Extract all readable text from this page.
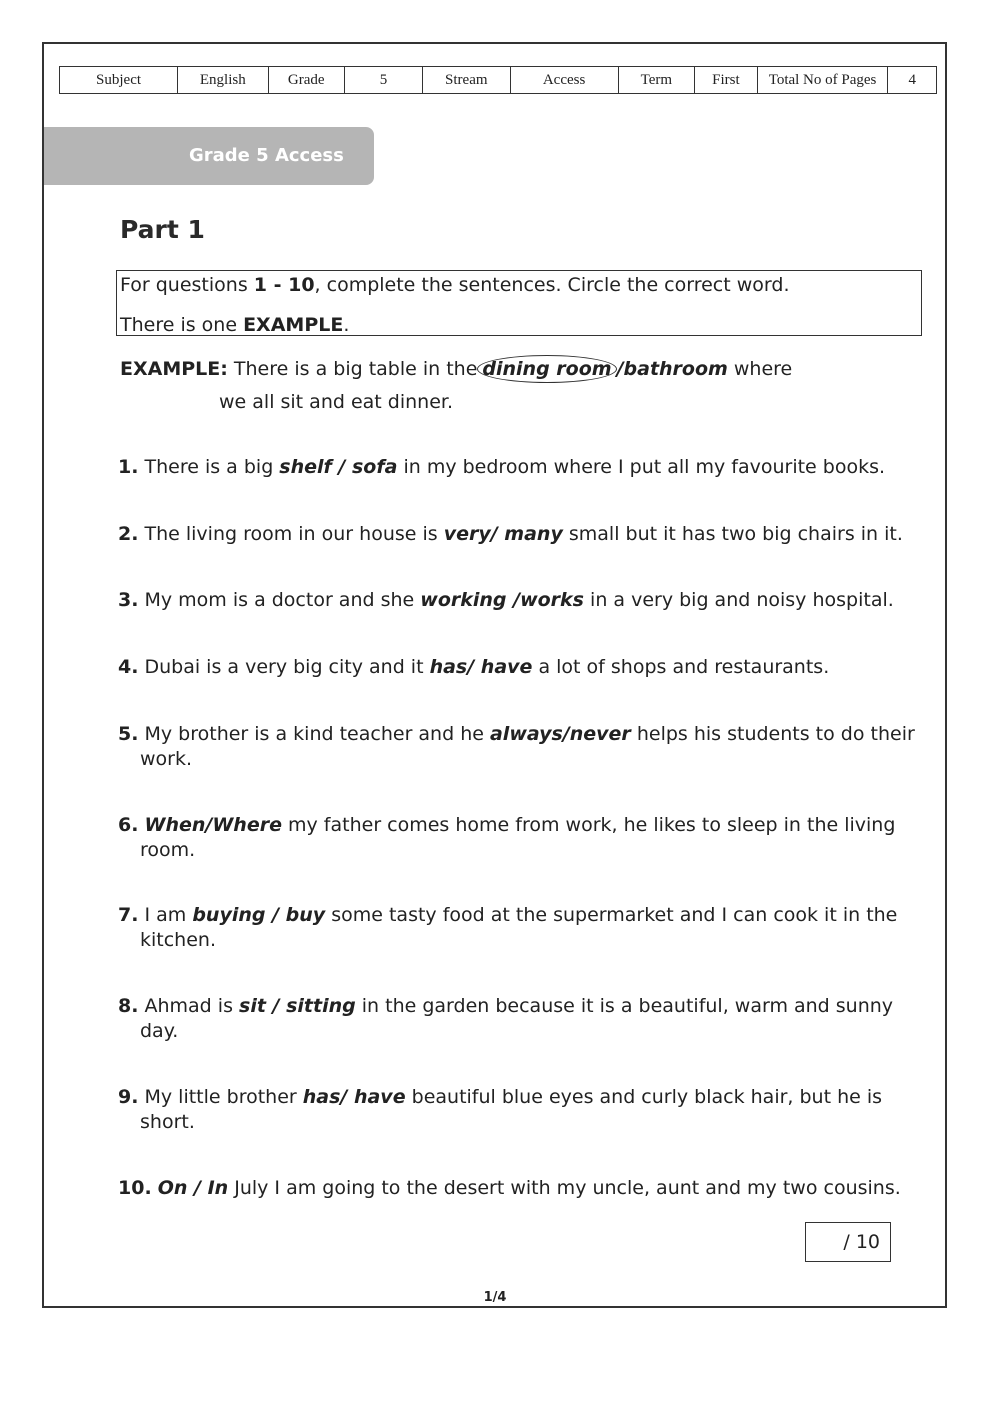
Subject	English	Grade	5	Stream	Access	Term	First	Total No of Pages	4
Grade 5 Access
Part 1
For questions 1 - 10, complete the sentences. Circle the correct word.
There is one EXAMPLE.
EXAMPLE: There is a big table in the dining room /bathroom where
we all sit and eat dinner.
1. There is a big shelf / sofa in my bedroom where I put all my favourite books.
2. The living room in our house is very/ many small but it has two big chairs in it.
3. My mom is a doctor and she working /works in a very big and noisy hospital.
4. Dubai is a very big city and it has/ have a lot of shops and restaurants.
5. My brother is a kind teacher and he always/never helps his students to do their work.
6. When/Where my father comes home from work, he likes to sleep in the living room.
7. I am buying / buy some tasty food at the supermarket and I can cook it in the kitchen.
8. Ahmad is sit / sitting in the garden because it is a beautiful, warm and sunny day.
9. My little brother has/ have beautiful blue eyes and curly black hair, but he is short.
10. On / In July I am going to the desert with my uncle, aunt and my two cousins.
/ 10
1/4
